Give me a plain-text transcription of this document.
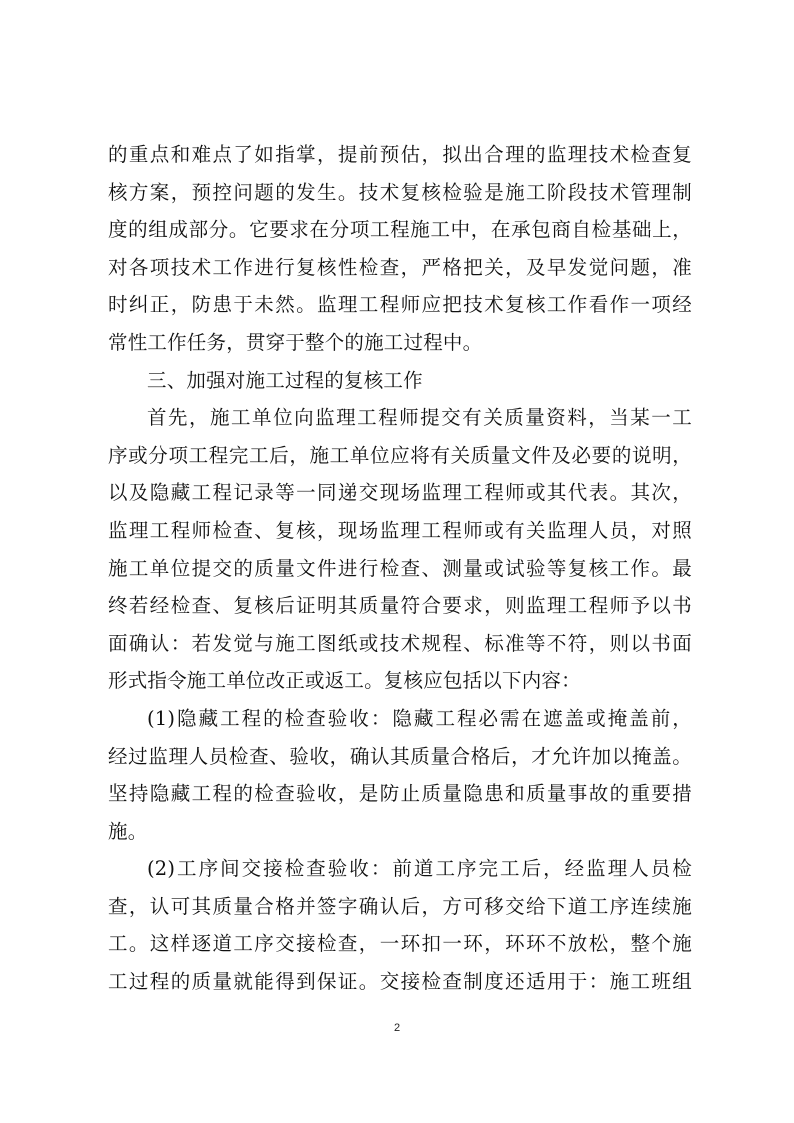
的重点和难点了如指掌，提前预估，拟出合理的监理技术检查复
核方案，预控问题的发生。技术复核检验是施工阶段技术管理制
度的组成部分。它要求在分项工程施工中，在承包商自检基础上，
对各项技术工作进行复核性检查，严格把关，及早发觉问题，准
时纠正，防患于未然。监理工程师应把技术复核工作看作一项经
常性工作任务，贯穿于整个的施工过程中。
三、加强对施工过程的复核工作
首先，施工单位向监理工程师提交有关质量资料，当某一工
序或分项工程完工后，施工单位应将有关质量文件及必要的说明，
以及隐藏工程记录等一同递交现场监理工程师或其代表。其次，
监理工程师检查、复核，现场监理工程师或有关监理人员，对照
施工单位提交的质量文件进行检查、测量或试验等复核工作。最
终若经检查、复核后证明其质量符合要求，则监理工程师予以书
面确认：若发觉与施工图纸或技术规程、标准等不符，则以书面
形式指令施工单位改正或返工。复核应包括以下内容：
(1)隐藏工程的检查验收：隐藏工程必需在遮盖或掩盖前，
经过监理人员检查、验收，确认其质量合格后，才允许加以掩盖。
坚持隐藏工程的检查验收，是防止质量隐患和质量事故的重要措
施。
(2)工序间交接检查验收：前道工序完工后，经监理人员检
查，认可其质量合格并签字确认后，方可移交给下道工序连续施
工。这样逐道工序交接检查，一环扣一环，环环不放松，整个施
工过程的质量就能得到保证。交接检查制度还适用于：施工班组
2
